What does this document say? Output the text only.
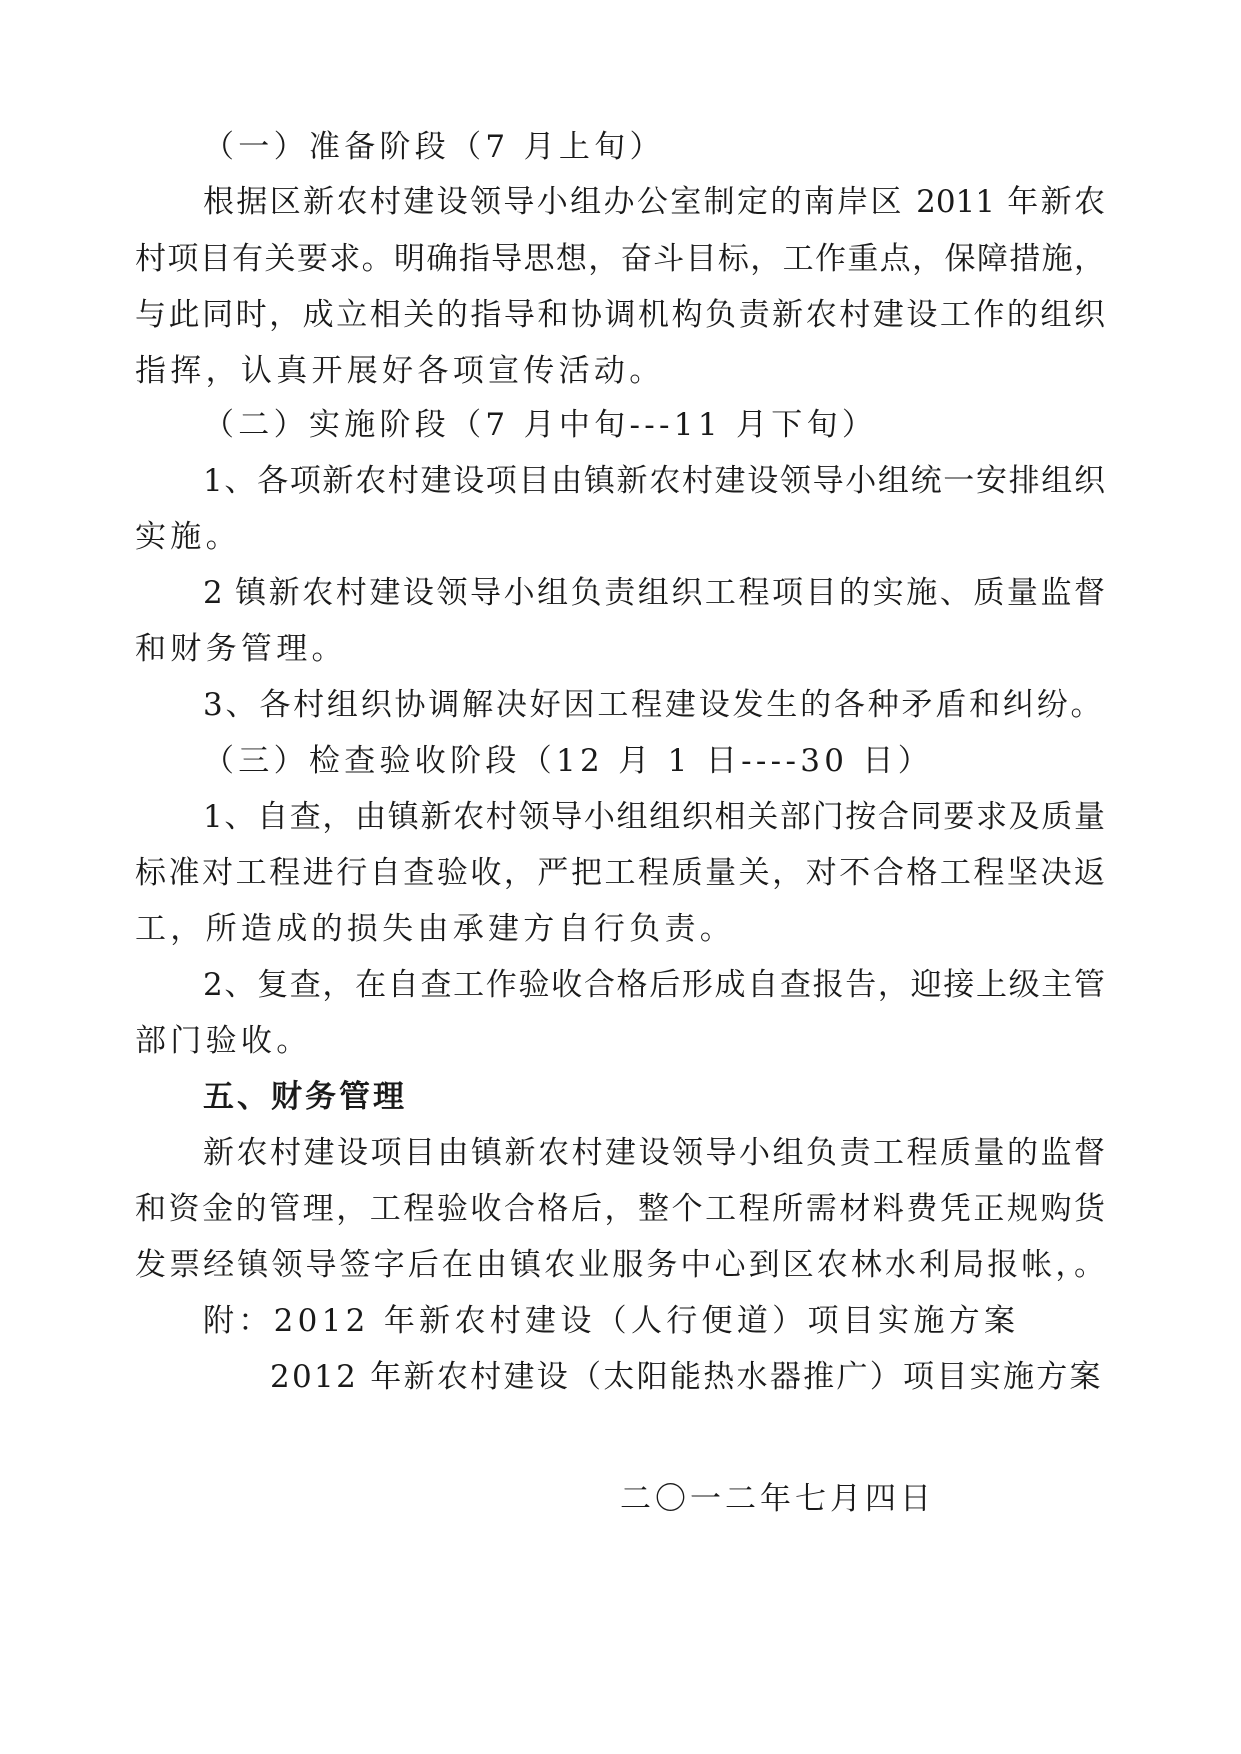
（一）准备阶段（7 月上旬）
根据区新农村建设领导小组办公室制定的南岸区 2011 年新农
村项目有关要求。明确指导思想，奋斗目标，工作重点，保障措施，
与此同时，成立相关的指导和协调机构负责新农村建设工作的组织
指挥，认真开展好各项宣传活动。
（二）实施阶段（7 月中旬---11 月下旬）
1、各项新农村建设项目由镇新农村建设领导小组统一安排组织
实施。
2 镇新农村建设领导小组负责组织工程项目的实施、质量监督
和财务管理。
3、各村组织协调解决好因工程建设发生的各种矛盾和纠纷。
（三）检查验收阶段（12 月 1 日----30 日）
1、自查，由镇新农村领导小组组织相关部门按合同要求及质量
标准对工程进行自查验收，严把工程质量关，对不合格工程坚决返
工，所造成的损失由承建方自行负责。
2、复查，在自查工作验收合格后形成自查报告，迎接上级主管
部门验收。
五、财务管理
新农村建设项目由镇新农村建设领导小组负责工程质量的监督
和资金的管理，工程验收合格后，整个工程所需材料费凭正规购货
发票经镇领导签字后在由镇农业服务中心到区农林水利局报帐，。
附：2012 年新农村建设（人行便道）项目实施方案
2012 年新农村建设（太阳能热水器推广）项目实施方案
二〇一二年七月四日
